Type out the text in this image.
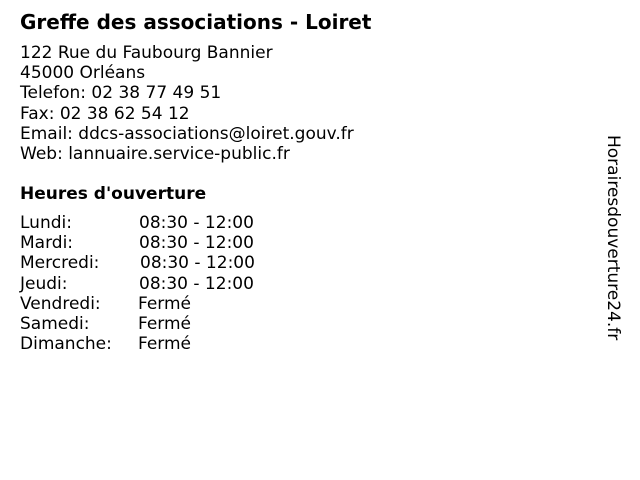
Greffe des associations - Loiret
122 Rue du Faubourg Bannier
45000 Orléans
Telefon: 02 38 77 49 51
Fax: 02 38 62 54 12
Email: ddcs-associations@loiret.gouv.fr
Web: lannuaire.service-public.fr
Heures d'ouverture
Lundi:	08:30 - 12:00
Mardi:	08:30 - 12:00
Mercredi: 08:30 - 12:00
Jeudi:	08:30 - 12:00
Vendredi: Fermé
Samedi:	Fermé
Dimanche: Fermé
Horairesdouverture24.fr
